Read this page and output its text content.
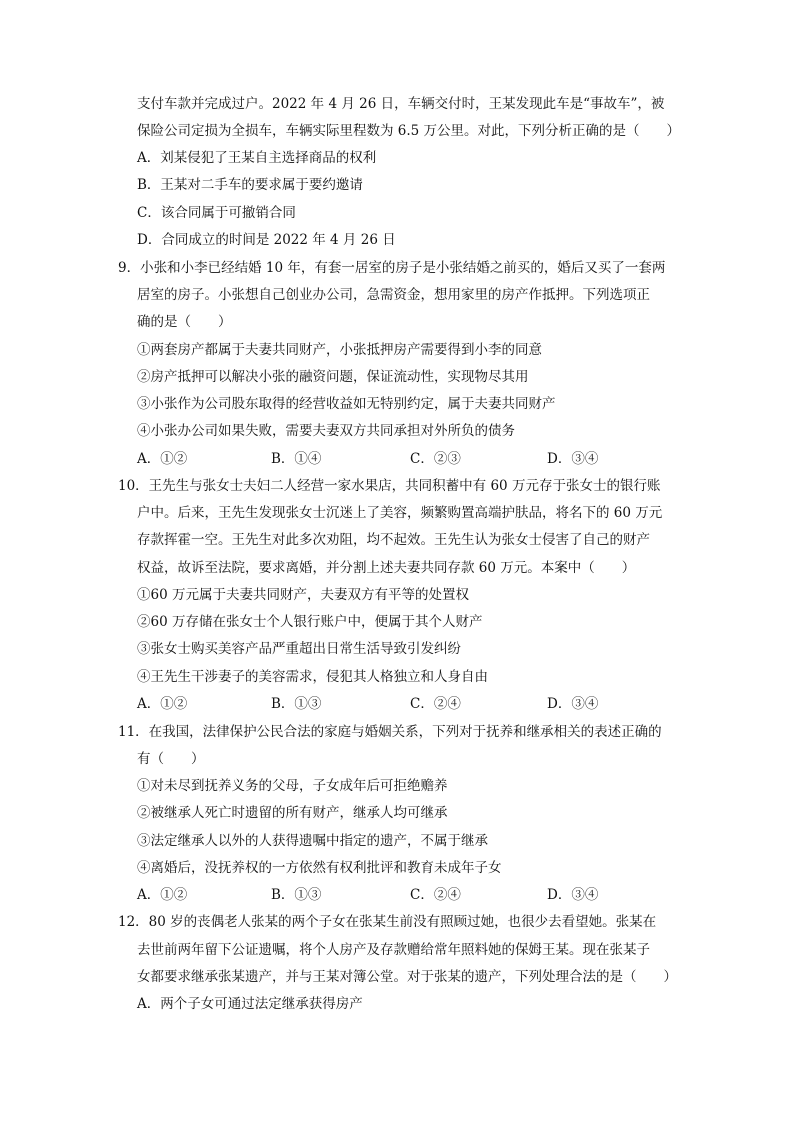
支付车款并完成过户。2022 年 4 月 26 日，车辆交付时，王某发现此车是“事故车”，被
保险公司定损为全损车，车辆实际里程数为 6.5 万公里。对此，下列分析正确的是（　　）
A．刘某侵犯了王某自主选择商品的权利
B．王某对二手车的要求属于要约邀请
C．该合同属于可撤销合同
D．合同成立的时间是 2022 年 4 月 26 日
9．小张和小李已经结婚 10 年，有套一居室的房子是小张结婚之前买的，婚后又买了一套两
居室的房子。小张想自己创业办公司，急需资金，想用家里的房产作抵押。下列选项正
确的是（　　）
①两套房产都属于夫妻共同财产，小张抵押房产需要得到小李的同意
②房产抵押可以解决小张的融资问题，保证流动性，实现物尽其用
③小张作为公司股东取得的经营收益如无特别约定，属于夫妻共同财产
④小张办公司如果失败，需要夫妻双方共同承担对外所负的债务
A．①②	B．①④	C．②③	D．③④
10．王先生与张女士夫妇二人经营一家水果店，共同积蓄中有 60 万元存于张女士的银行账
户中。后来，王先生发现张女士沉迷上了美容，频繁购置高端护肤品，将名下的 60 万元
存款挥霍一空。王先生对此多次劝阻，均不起效。王先生认为张女士侵害了自己的财产
权益，故诉至法院，要求离婚，并分割上述夫妻共同存款 60 万元。本案中（　　）
①60 万元属于夫妻共同财产，夫妻双方有平等的处置权
②60 万存储在张女士个人银行账户中，便属于其个人财产
③张女士购买美容产品严重超出日常生活导致引发纠纷
④王先生干涉妻子的美容需求，侵犯其人格独立和人身自由
A．①②	B．①③	C．②④	D．③④
11．在我国，法律保护公民合法的家庭与婚姻关系，下列对于抚养和继承相关的表述正确的
有（　　）
①对未尽到抚养义务的父母，子女成年后可拒绝赡养
②被继承人死亡时遗留的所有财产，继承人均可继承
③法定继承人以外的人获得遗嘱中指定的遗产，不属于继承
④离婚后，没抚养权的一方依然有权利批评和教育未成年子女
A．①②	B．①③	C．②④	D．③④
12．80 岁的丧偶老人张某的两个子女在张某生前没有照顾过她，也很少去看望她。张某在
去世前两年留下公证遗嘱，将个人房产及存款赠给常年照料她的保姆王某。现在张某子
女都要求继承张某遗产，并与王某对簿公堂。对于张某的遗产，下列处理合法的是（　　）
A．两个子女可通过法定继承获得房产
